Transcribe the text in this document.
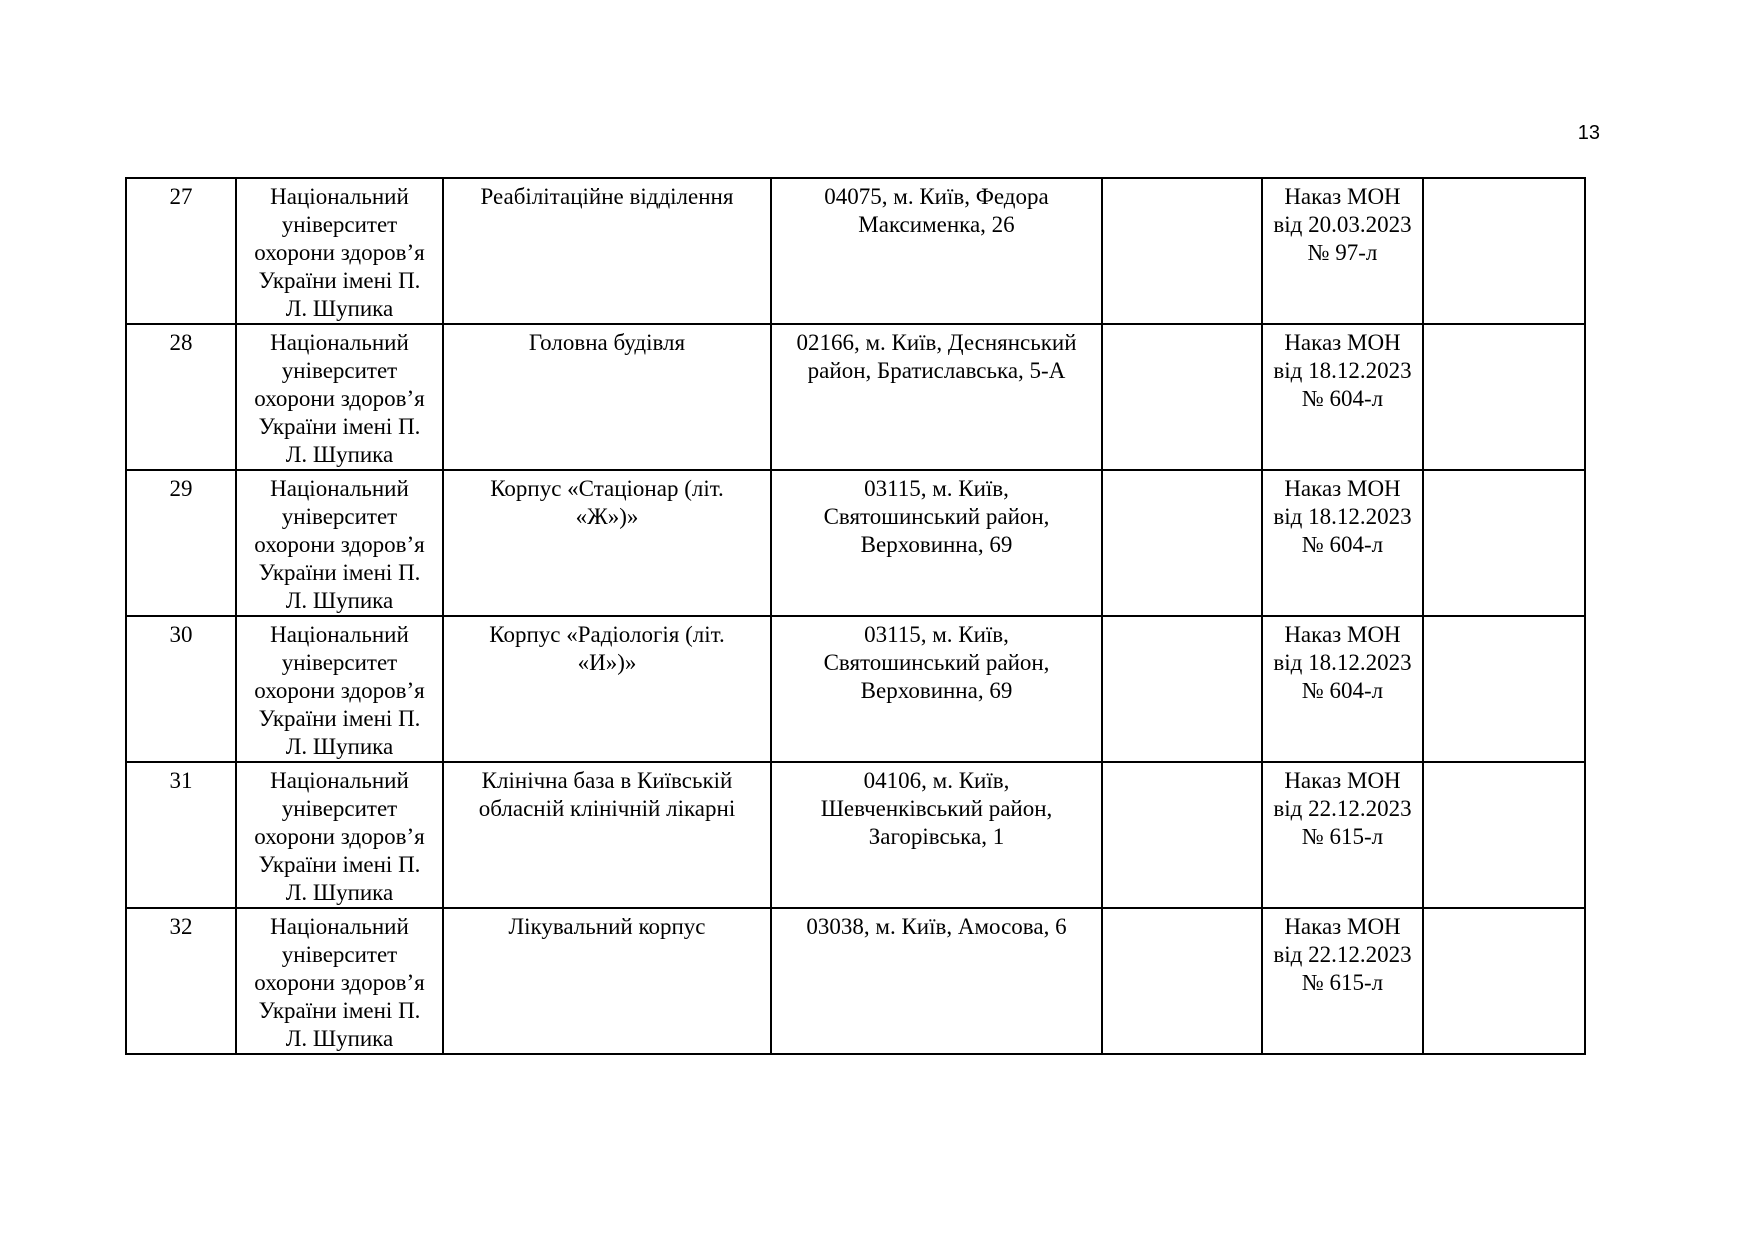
13
27	Національний
університет
охорони здоров’я
України імені П.
Л. Шупика	Реабілітаційне відділення	04075, м. Київ, Федора
Максименка, 26		Наказ МОН
від 20.03.2023
№ 97-л	

28	Національний
університет
охорони здоров’я
України імені П.
Л. Шупика	Головна будівля	02166, м. Київ, Деснянський
район, Братиславська, 5-А		Наказ МОН
від 18.12.2023
№ 604-л	

29	Національний
університет
охорони здоров’я
України імені П.
Л. Шупика	Корпус «Стаціонар (літ.
«Ж»)»	03115, м. Київ,
Святошинський район,
Верховинна, 69		Наказ МОН
від 18.12.2023
№ 604-л	

30	Національний
університет
охорони здоров’я
України імені П.
Л. Шупика	Корпус «Радіологія (літ.
«И»)»	03115, м. Київ,
Святошинський район,
Верховинна, 69		Наказ МОН
від 18.12.2023
№ 604-л	

31	Національний
університет
охорони здоров’я
України імені П.
Л. Шупика	Клінічна база в Київській
обласній клінічній лікарні	04106, м. Київ,
Шевченківський район,
Загорівська, 1		Наказ МОН
від 22.12.2023
№ 615-л	

32	Національний
університет
охорони здоров’я
України імені П.
Л. Шупика	Лікувальний корпус	03038, м. Київ, Амосова, 6		Наказ МОН
від 22.12.2023
№ 615-л	
